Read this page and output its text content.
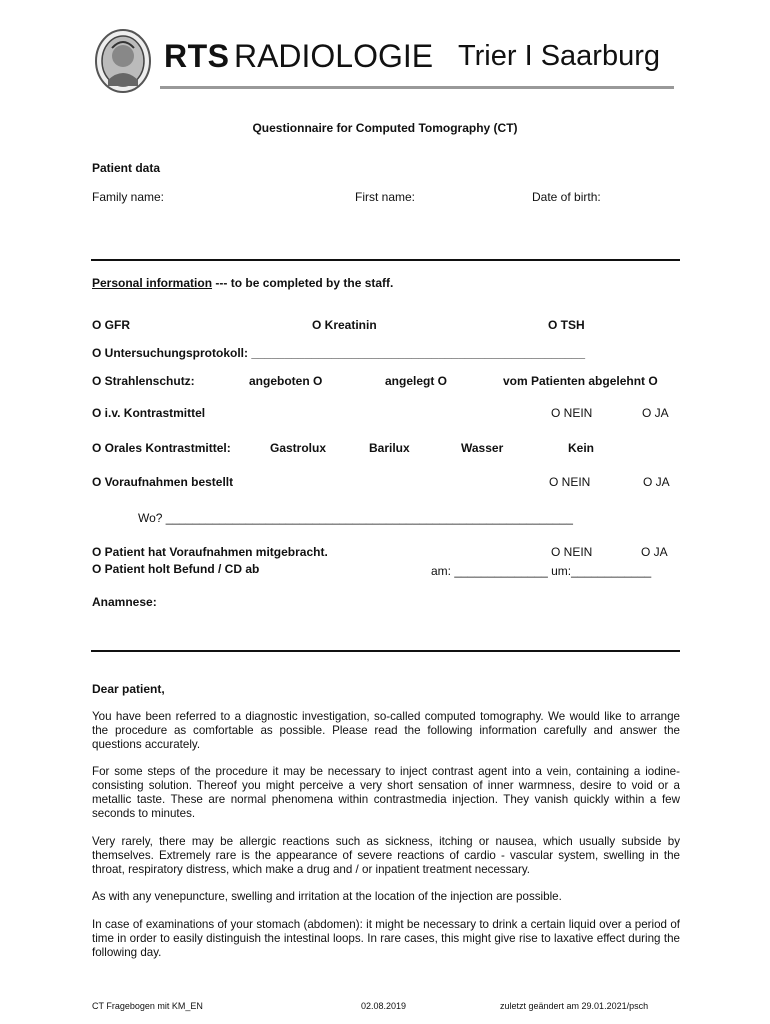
RTS RADIOLOGIE Trier I Saarburg
Questionnaire for Computed Tomography (CT)
Patient data
Family name:	First name:	Date of birth:
Personal information --- to be completed by the staff.
O GFR	O Kreatinin	O TSH
O Untersuchungsprotokoll: __________________________________________________
O Strahlenschutz:	angeboten O	angelegt O	vom Patienten abgelehnt O
O i.v. Kontrastmittel	O NEIN	O JA
O Orales Kontrastmittel:	Gastrolux	Barilux	Wasser	Kein
O Voraufnahmen bestellt	O NEIN	O JA
Wo? _____________________________________________________________
O Patient hat Voraufnahmen mitgebracht.	O NEIN	O JA
O Patient holt Befund / CD ab	am: ______________ um:____________
Anamnese:
Dear patient,

You have been referred to a diagnostic investigation, so-called computed tomography. We would like to arrange the procedure as comfortable as possible. Please read the following information carefully and answer the questions accurately.

For some steps of the procedure it may be necessary to inject contrast agent into a vein, containing a iodine-consisting solution. Thereof you might perceive a very short sensation of inner warmness, desire to void or a metallic taste. These are normal phenomena within contrastmedia injection. They vanish quickly within a few seconds to minutes.

Very rarely, there may be allergic reactions such as sickness, itching or nausea, which usually subside by themselves. Extremely rare is the appearance of severe reactions of cardio - vascular system, swelling in the throat, respiratory distress, which make a drug and / or inpatient treatment necessary.

As with any venepuncture, swelling and irritation at the location of the injection are possible.

In case of examinations of your stomach (abdomen): it might be necessary to drink a certain liquid over a period of time in order to easily distinguish the intestinal loops. In rare cases, this might give rise to laxative effect during the following day.

CT Fragebogen mit KM_EN	02.08.2019	zuletzt geändert am 29.01.2021/psch
